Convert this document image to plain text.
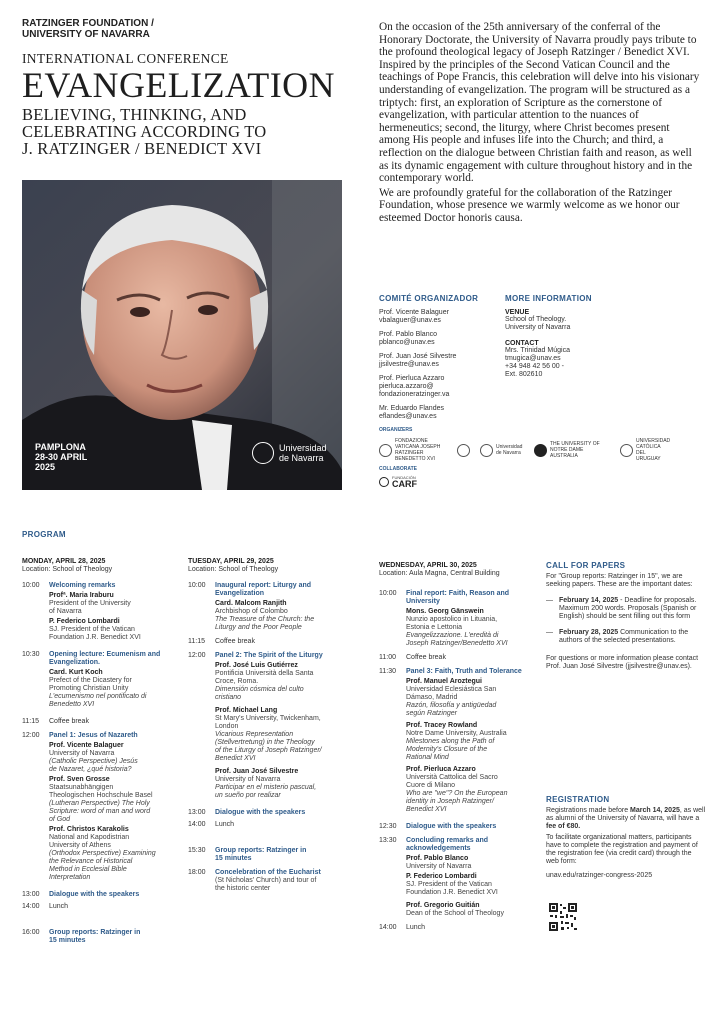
RATZINGER FOUNDATION /
UNIVERSITY OF NAVARRA
INTERNATIONAL CONFERENCE
EVANGELIZATION
BELIEVING, THINKING, AND
CELEBRATING ACCORDING TO
J. RATZINGER / BENEDICT XVI
PAMPLONA
28-30 APRIL
2025
Universidad
de Navarra

On the occasion of the 25th anniversary of the conferral of the Honorary Doctorate, the University of Navarra proudly pays tribute to the profound theological legacy of Joseph Ratzinger / Benedict XVI. Inspired by the principles of the Second Vatican Council and the teachings of Pope Francis, this celebration will delve into his visionary understanding of evangelization. The program will be structured as a triptych: first, an exploration of Scripture as the cornerstone of evangelization, with particular attention to the nuances of hermeneutics; second, the liturgy, where Christ becomes present among His people and infuses life into the Church; and third, a reflection on the dialogue between Christian faith and reason, as well as its dynamic engagement with culture throughout history and in the contemporary world.

We are profoundly grateful for the collaboration of the Ratzinger Foundation, whose presence we warmly welcome as we honor our esteemed Doctor honoris causa.

COMITÉ ORGANIZADOR
Prof. Vicente Balaguer
vbalaguer@unav.es
Prof. Pablo Blanco
pblanco@unav.es
Prof. Juan José Silvestre
jjsilvestre@unav.es
Prof. Pierluca Azzaro
pierluca.azzaro@ fondazioneratzinger.va
Mr. Eduardo Flandes
eflandes@unav.es
MORE INFORMATION
VENUE
School of Theology.
University of Navarra
CONTACT
Mrs. Trinidad Múgica
tmugica@unav.es
+34 948 42 56 00 -
Ext. 802610
ORGANIZERS
FONDAZIONE VATICANA JOSEPH RATZINGER BENEDETTO XVI
Universidad de Navarra
THE UNIVERSITY OF NOTRE DAME AUSTRALIA
UNIVERSIDAD CATÓLICA DEL URUGUAY
COLLABORATE
FUNDACIÓN
CARF
PROGRAM
MONDAY, APRIL 28, 2025
Location: School of Theology
10:00	Welcoming remarks
Profª. Maria Iraburu
President of the University
of Navarra
P. Federico Lombardi
SJ. President of the Vatican
Foundation J.R. Benedict XVI
10:30	Opening lecture: Ecumenism and Evangelization.
Card. Kurt Koch
Prefect of the Dicastery for
Promoting Christian Unity
L'ecumenismo nel pontificato di
Benedetto XVI
11:15	Coffee break
12:00	Panel 1: Jesus of Nazareth
Prof. Vicente Balaguer
University of Navarra
(Catholic Perspective) Jesús
de Nazaret, ¿qué historia?
Prof. Sven Grosse
Staatsunabhängigen
Theologischen Hochschule Basel
(Lutheran Perspective) The Holy
Scripture: word of man and word
of God
Prof. Christos Karakolis
National and Kapodistrian
University of Athens
(Orthodox Perspective) Examining
the Relevance of Historical
Method in Ecclesial Bible
Interpretation
13:00	Dialogue with the speakers
14:00	Lunch
16:00	Group reports: Ratzinger in 15 minutes
TUESDAY, APRIL 29, 2025
Location: School of Theology
10:00	Inaugural report: Liturgy and Evangelization
Card. Malcom Ranjith
Archbishop of Colombo
The Treasure of the Church: the
Liturgy and the Poor People
11:15	Coffee break
12:00	Panel 2: The Spirit of the Liturgy
Prof. José Luis Gutiérrez
Pontificia Università della Santa
Croce, Roma.
Dimensión cósmica del culto
cristiano
Prof. Michael Lang
St Mary's University, Twickenham,
London
Vicarious Representation
(Stellvertretung) in the Theology
of the Liturgy of Joseph Ratzinger/
Benedict XVI
Prof. Juan José Silvestre
University of Navarra
Participar en el misterio pascual,
un sueño por realizar
13:00	Dialogue with the speakers
14:00	Lunch
15:30	Group reports: Ratzinger in 15 minutes
18:00	Concelebration of the Eucharist
(St Nicholas' Church) and tour of
the historic center
WEDNESDAY, APRIL 30, 2025
Location: Aula Magna, Central Building
10:00	Final report: Faith, Reason and University
Mons. Georg Gänswein
Nunzio apostolico in Lituania,
Estonia e Lettonia
Evangelizzazione. L'eredità di
Joseph Ratzinger/Benedetto XVI
11:00	Coffee break
11:30	Panel 3: Faith, Truth and Tolerance
Prof. Manuel Aroztegui
Universidad Eclesiástica San
Dámaso, Madrid
Razón, filosofía y antigüedad
según Ratzinger
Prof. Tracey Rowland
Notre Dame University, Australia
Milestones along the Path of
Modernity's Closure of the
Rational Mind
Prof. Pierluca Azzaro
Università Cattolica del Sacro
Cuore di Milano
Who are "we"? On the European
identity in Joseph Ratzinger/
Benedict XVI
12:30	Dialogue with the speakers
13:30	Concluding remarks and acknowledgements
Prof. Pablo Blanco
University of Navarra
P. Federico Lombardi
SJ. President of the Vatican
Foundation J.R. Benedict XVI
Prof. Gregorio Guitián
Dean of the School of Theology
14:00	Lunch
CALL FOR PAPERS

For "Group reports: Ratzinger in 15", we are seeking papers. These are the important dates:

— February 14, 2025 - Deadline for proposals. Maximum 200 words. Proposals (Spanish or English) should be sent filling out this form
— February 28, 2025 Communication to the authors of the selected presentations.

For questions or more information please contact Prof. Juan José Silvestre (jjsilvestre@unav.es).

REGISTRATION

Registrations made before March 14, 2025, as well as alumni of the University of Navarra, will have a fee of €80.

To facilitate organizational matters, participants have to complete the registration and payment of the registration fee (via credit card) through the web form:

unav.edu/ratzinger-congress-2025
